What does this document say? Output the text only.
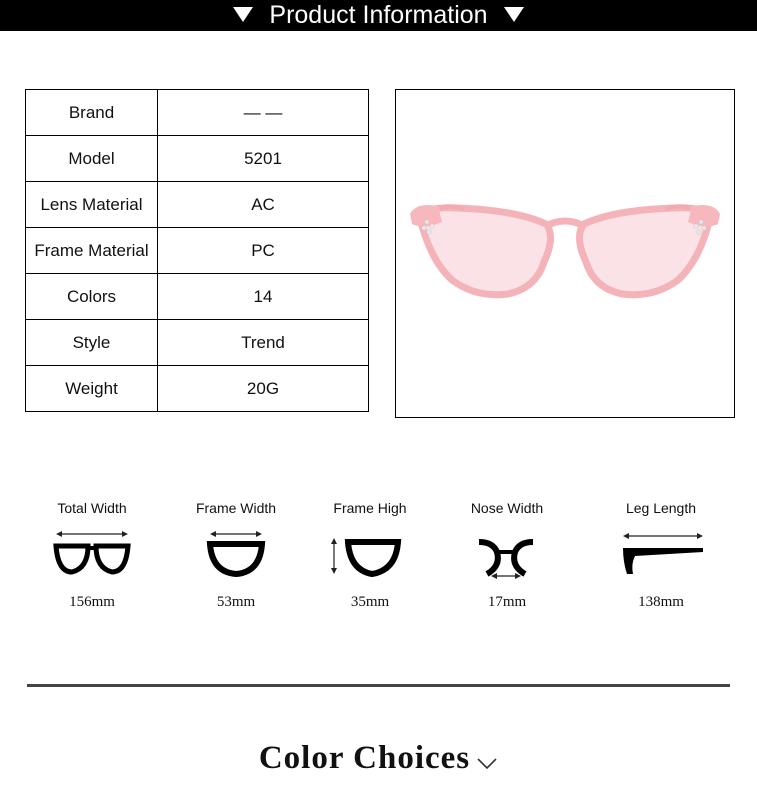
Product Information
Brand	— —
Model	5201
Lens Material	AC
Frame Material	PC
Colors	14
Style	Trend
Weight	20G
Total Width
156mm
Frame Width
53mm
Frame High
35mm
Nose Width
17mm
Leg Length
138mm
Color Choices
